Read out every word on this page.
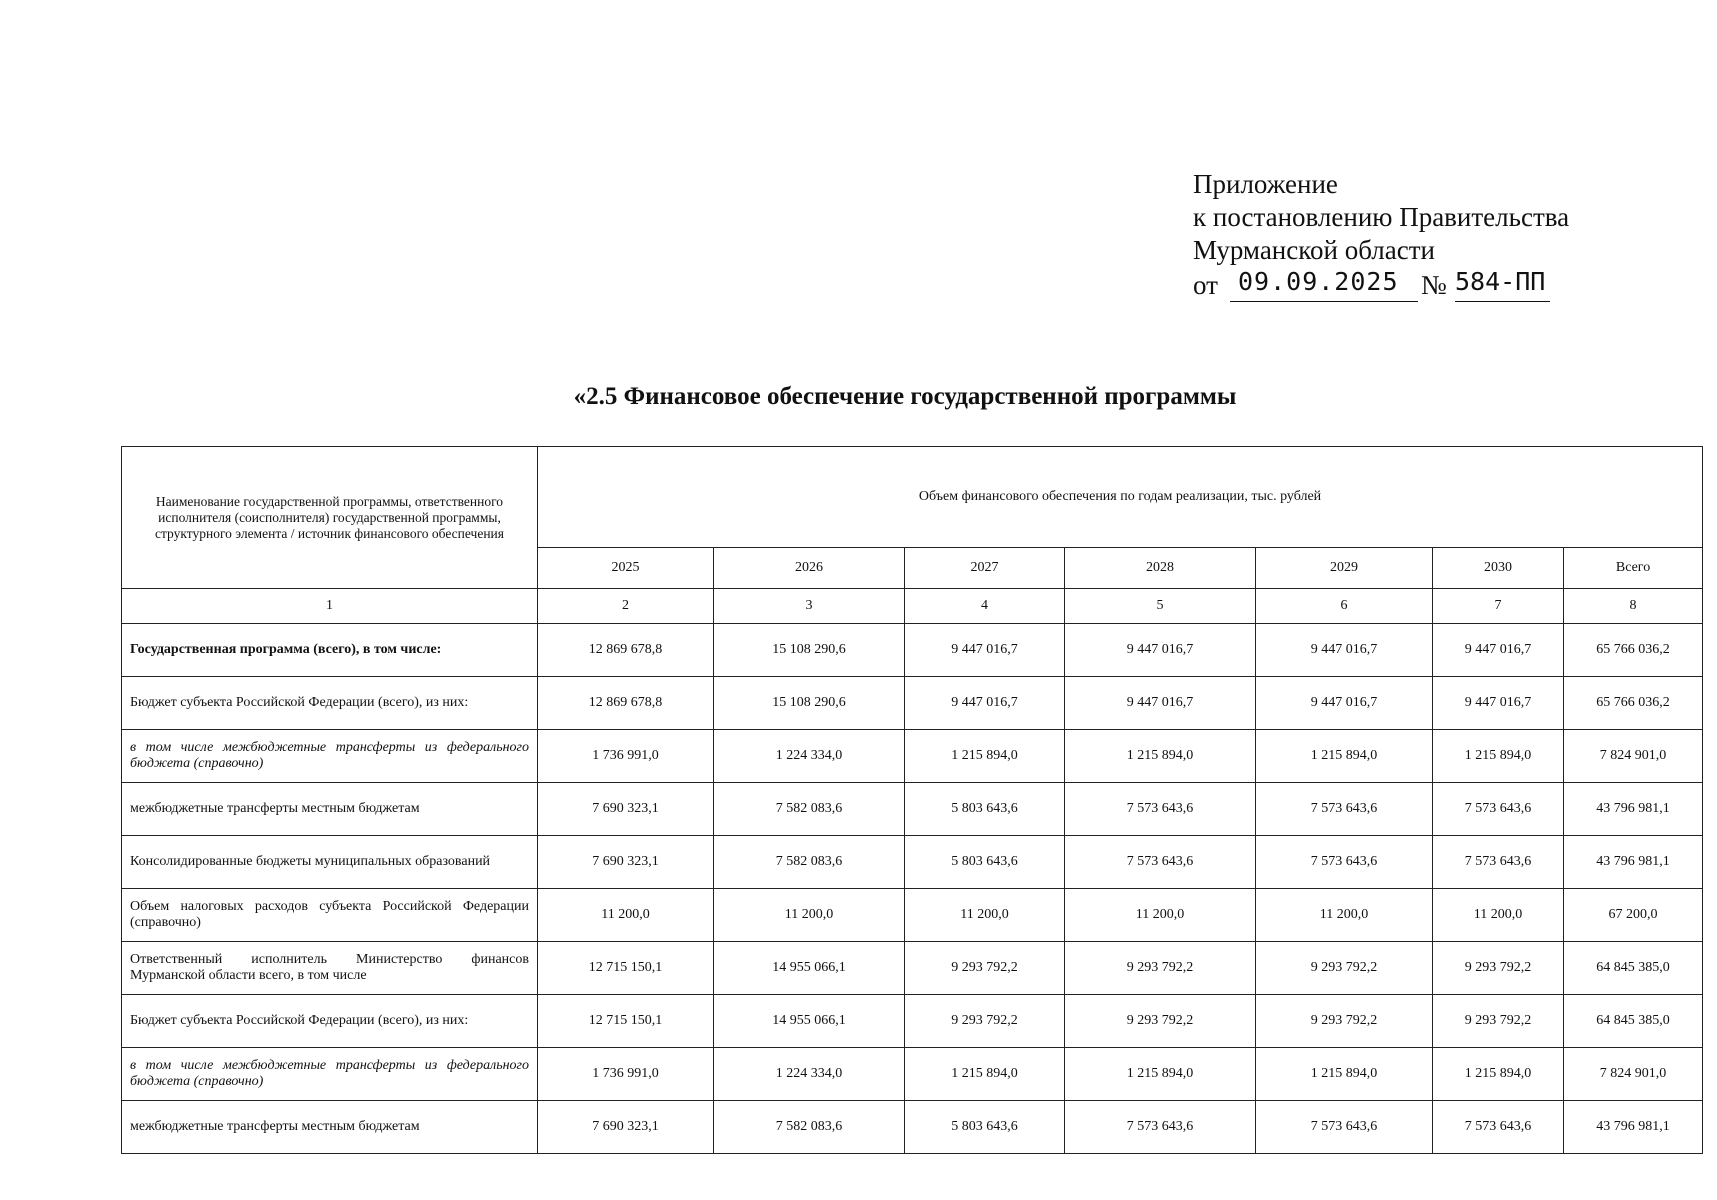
Приложение
к постановлению Правительства
Мурманской области
от 09.09.2025 № 584-ПП
«2.5 Финансовое обеспечение государственной программы
Наименование государственной программы, ответственного исполнителя (соисполнителя) государственной программы, структурного элемента / источник финансового обеспечения	Объем финансового обеспечения по годам реализации, тыс. рублей						
	2025	2026	2027	2028	2029	2030	Всего
1	2	3	4	5	6	7	8
Государственная программа (всего), в том числе:	12 869 678,8	15 108 290,6	9 447 016,7	9 447 016,7	9 447 016,7	9 447 016,7	65 766 036,2
Бюджет субъекта Российской Федерации (всего), из них:	12 869 678,8	15 108 290,6	9 447 016,7	9 447 016,7	9 447 016,7	9 447 016,7	65 766 036,2
в том числе межбюджетные трансферты из федерального бюджета (справочно)	1 736 991,0	1 224 334,0	1 215 894,0	1 215 894,0	1 215 894,0	1 215 894,0	7 824 901,0
межбюджетные трансферты местным бюджетам	7 690 323,1	7 582 083,6	5 803 643,6	7 573 643,6	7 573 643,6	7 573 643,6	43 796 981,1
Консолидированные бюджеты муниципальных образований	7 690 323,1	7 582 083,6	5 803 643,6	7 573 643,6	7 573 643,6	7 573 643,6	43 796 981,1
Объем налоговых расходов субъекта Российской Федерации (справочно)	11 200,0	11 200,0	11 200,0	11 200,0	11 200,0	11 200,0	67 200,0
Ответственный исполнитель Министерство финансов Мурманской области всего, в том числе	12 715 150,1	14 955 066,1	9 293 792,2	9 293 792,2	9 293 792,2	9 293 792,2	64 845 385,0
Бюджет субъекта Российской Федерации (всего), из них:	12 715 150,1	14 955 066,1	9 293 792,2	9 293 792,2	9 293 792,2	9 293 792,2	64 845 385,0
в том числе межбюджетные трансферты из федерального бюджета (справочно)	1 736 991,0	1 224 334,0	1 215 894,0	1 215 894,0	1 215 894,0	1 215 894,0	7 824 901,0
межбюджетные трансферты местным бюджетам	7 690 323,1	7 582 083,6	5 803 643,6	7 573 643,6	7 573 643,6	7 573 643,6	43 796 981,1
